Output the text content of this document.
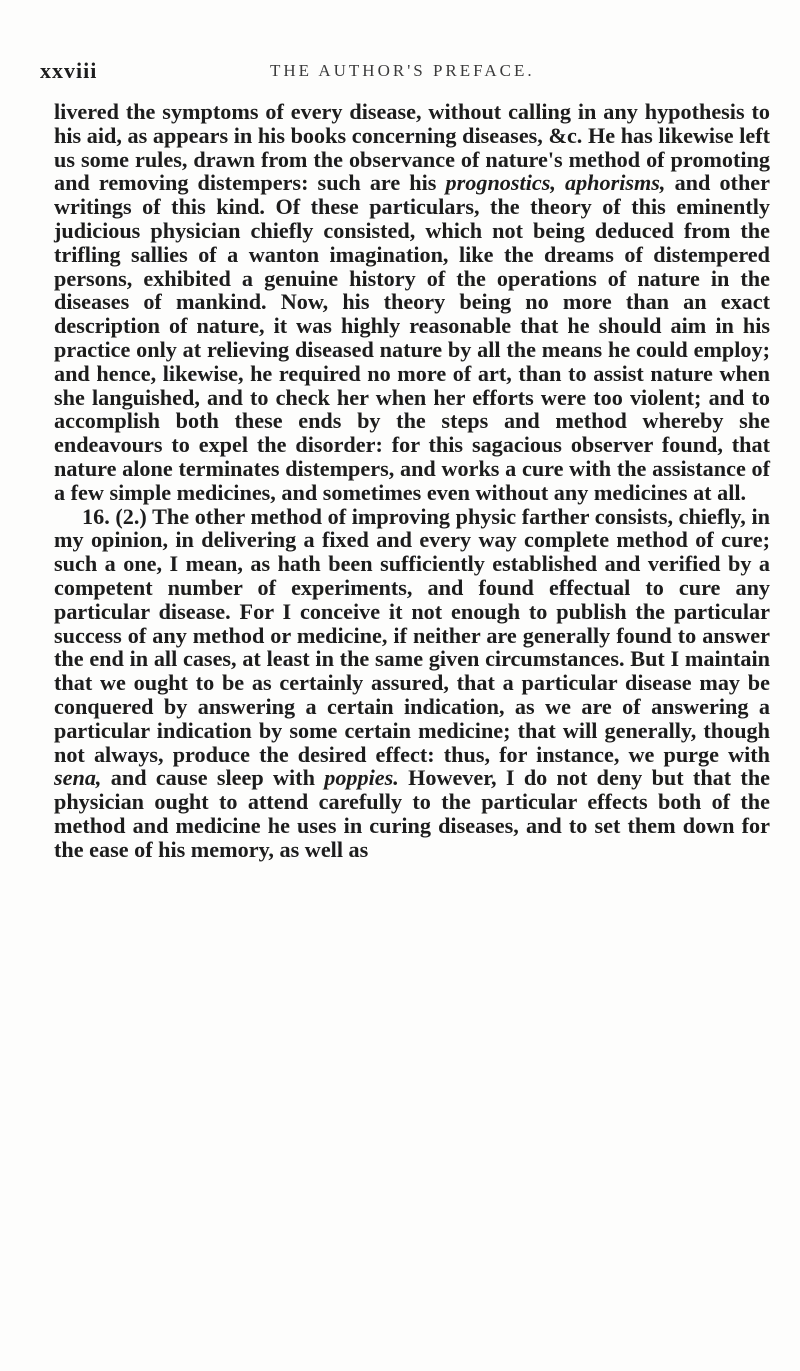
xxviii	THE AUTHOR'S PREFACE.

livered the symptoms of every disease, without calling in any hypothesis to his aid, as appears in his books concerning diseases, &c. He has likewise left us some rules, drawn from the observance of nature's method of promoting and removing distempers: such are his prognostics, aphorisms, and other writings of this kind. Of these particulars, the theory of this eminently judicious physician chiefly consisted, which not being deduced from the trifling sallies of a wanton imagination, like the dreams of distempered persons, exhibited a genuine history of the operations of nature in the diseases of mankind. Now, his theory being no more than an exact description of nature, it was highly reasonable that he should aim in his practice only at relieving diseased nature by all the means he could employ; and hence, likewise, he required no more of art, than to assist nature when she languished, and to check her when her efforts were too violent; and to accomplish both these ends by the steps and method whereby she endeavours to expel the disorder: for this sagacious observer found, that nature alone terminates distempers, and works a cure with the assistance of a few simple medicines, and sometimes even without any medicines at all.

16. (2.) The other method of improving physic farther consists, chiefly, in my opinion, in delivering a fixed and every way complete method of cure; such a one, I mean, as hath been sufficiently established and verified by a competent number of experiments, and found effectual to cure any particular disease. For I conceive it not enough to publish the particular success of any method or medicine, if neither are generally found to answer the end in all cases, at least in the same given circumstances. But I maintain that we ought to be as certainly assured, that a particular disease may be conquered by answering a certain indication, as we are of answering a particular indication by some certain medicine; that will generally, though not always, produce the desired effect: thus, for instance, we purge with sena, and cause sleep with poppies. However, I do not deny but that the physician ought to attend carefully to the particular effects both of the method and medicine he uses in curing diseases, and to set them down for the ease of his memory, as well as
